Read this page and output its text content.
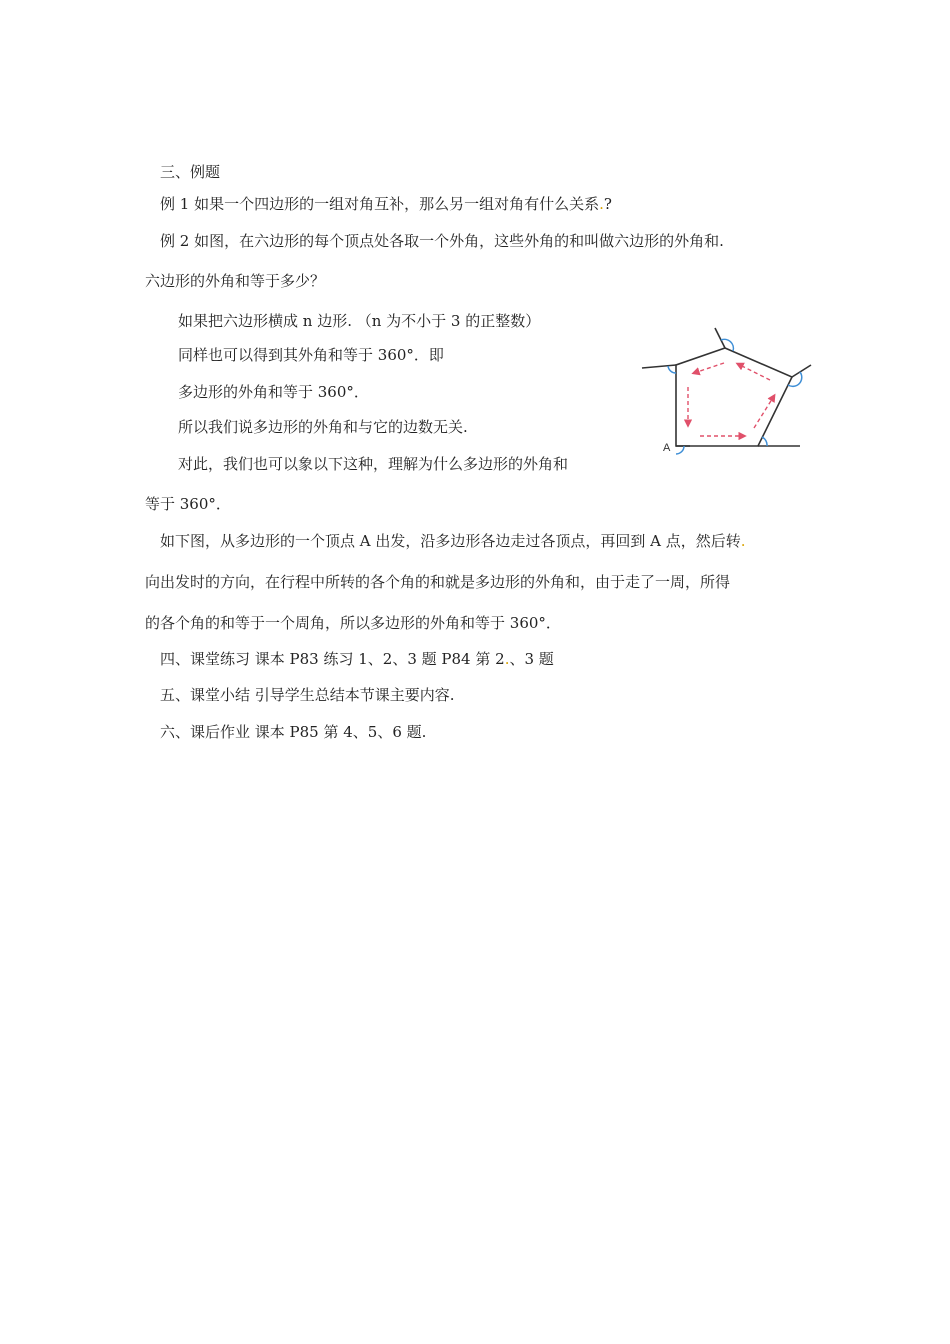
三、例题
例 1 如果一个四边形的一组对角互补，那么另一组对角有什么关系.?
例 2 如图，在六边形的每个顶点处各取一个外角，这些外角的和叫做六边形的外角和.
六边形的外角和等于多少？
如果把六边形横成 n 边形. （n 为不小于 3 的正整数）
同样也可以得到其外角和等于 360°．即
多边形的外角和等于 360°．
所以我们说多边形的外角和与它的边数无关.
对此，我们也可以象以下这种，理解为什么多边形的外角和
等于 360°．
如下图，从多边形的一个顶点 A 出发，沿多边形各边走过各顶点，再回到 A 点，然后转.
向出发时的方向，在行程中所转的各个角的和就是多边形的外角和，由于走了一周，所得
的各个角的和等于一个周角，所以多边形的外角和等于 360°．
四、课堂练习 课本 P83 练习 1、2、3 题 P84 第 2.、3 题
五、课堂小结 引导学生总结本节课主要内容.
六、课后作业 课本 P85 第 4、5、6 题.
A
